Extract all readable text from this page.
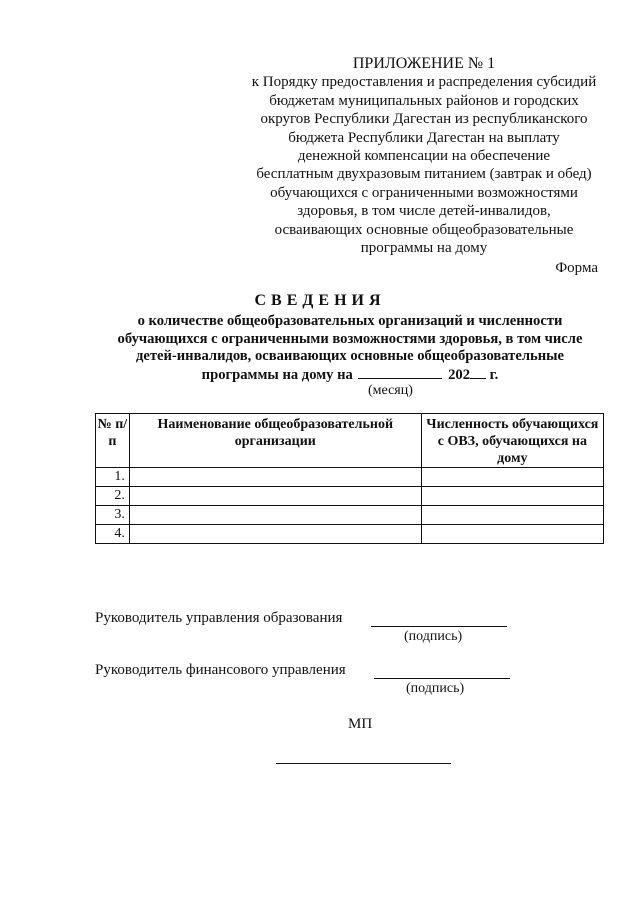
ПРИЛОЖЕНИЕ № 1
к Порядку предоставления и распределения субсидий
бюджетам муниципальных районов и городских
округов Республики Дагестан из республиканского
бюджета Республики Дагестан на выплату
денежной компенсации на обеспечение
бесплатным двухразовым питанием (завтрак и обед)
обучающихся с ограниченными возможностями
здоровья, в том числе детей-инвалидов,
осваивающих основные общеобразовательные
программы на дому
Форма
СВЕДЕНИЯ
о количестве общеобразовательных организаций и численности
обучающихся с ограниченными возможностями здоровья, в том числе
детей-инвалидов, осваивающих основные общеобразовательные
программы на дому на	202 г.
(месяц)
№ п/п	Наименование общеобразовательной организации	Численность обучающихся с ОВЗ, обучающихся на дому
1.		
2.		
3.		
4.		
Руководитель управления образования
(подпись)
Руководитель финансового управления
(подпись)
МП
